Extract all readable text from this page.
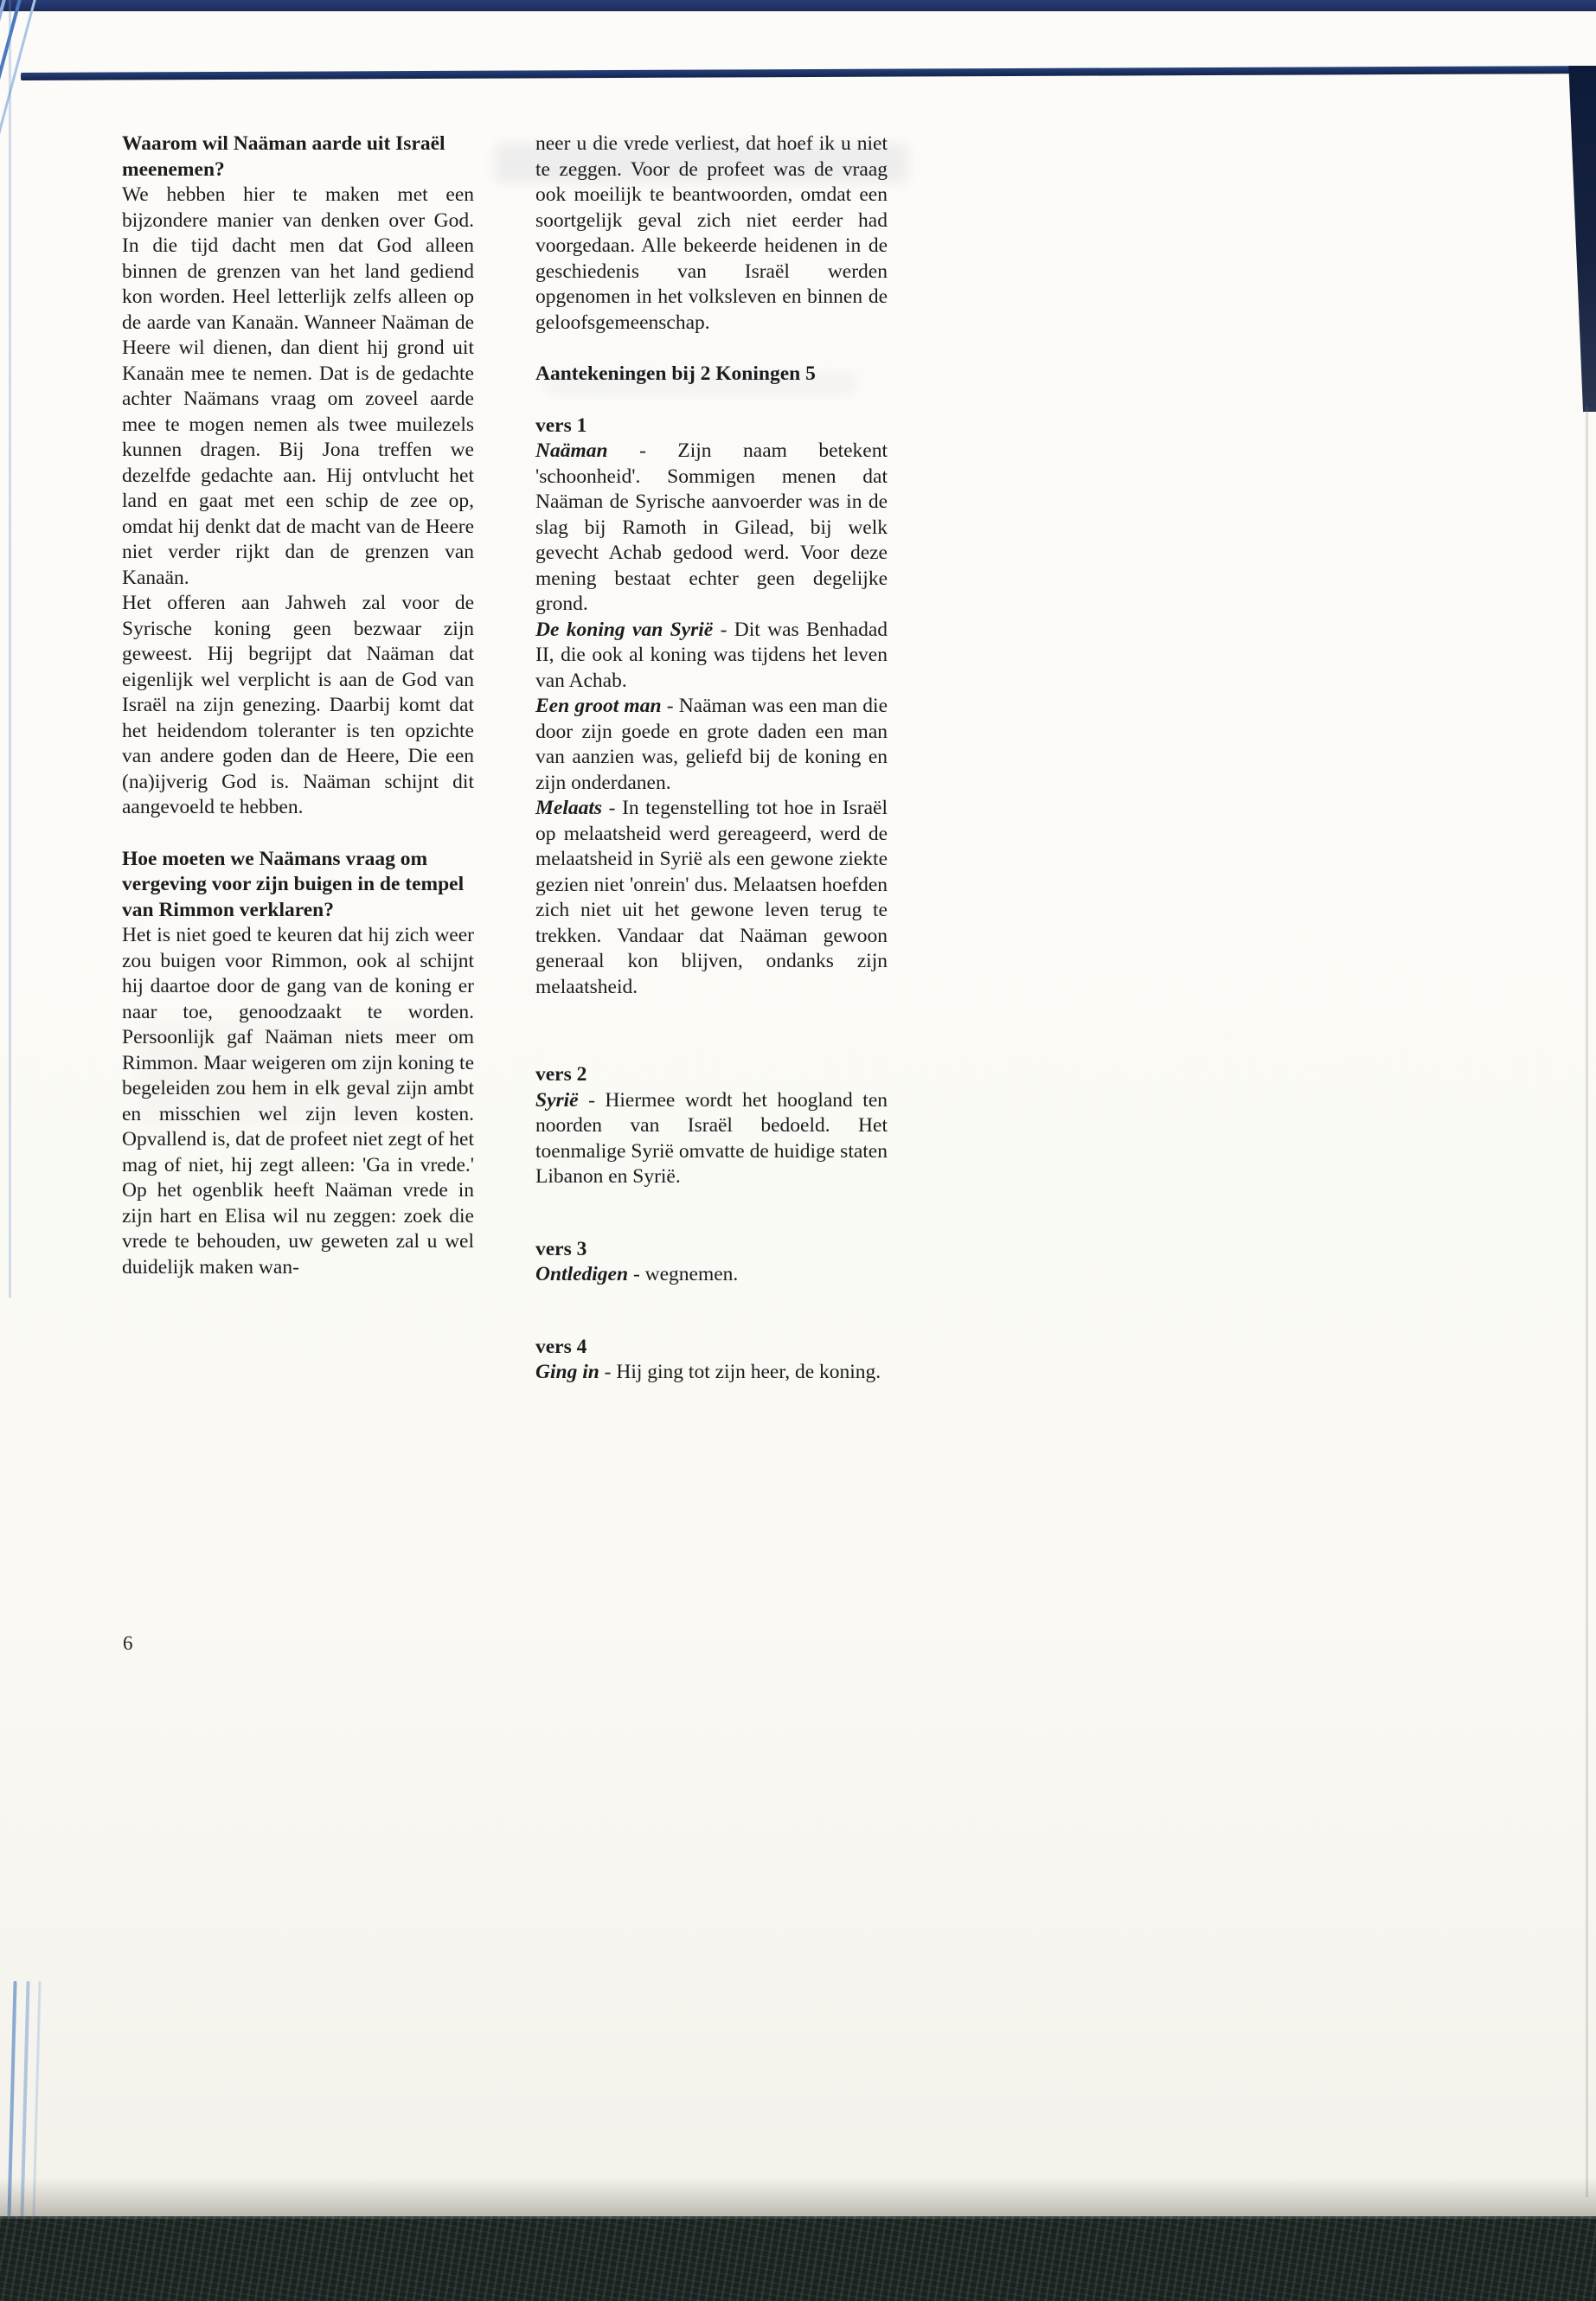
Waarom wil Naäman aarde uit Israël meenemen?

We hebben hier te maken met een bijzondere manier van denken over God. In die tijd dacht men dat God alleen binnen de grenzen van het land gediend kon worden. Heel letterlijk zelfs alleen op de aarde van Kanaän. Wanneer Naäman de Heere wil dienen, dan dient hij grond uit Kanaän mee te nemen. Dat is de gedachte achter Naämans vraag om zoveel aarde mee te mogen nemen als twee muilezels kunnen dragen. Bij Jona treffen we dezelfde gedachte aan. Hij ontvlucht het land en gaat met een schip de zee op, omdat hij denkt dat de macht van de Heere niet verder rijkt dan de grenzen van Kanaän.

Het offeren aan Jahweh zal voor de Syrische koning geen bezwaar zijn geweest. Hij begrijpt dat Naäman dat eigenlijk wel verplicht is aan de God van Israël na zijn genezing. Daarbij komt dat het heidendom toleranter is ten opzichte van andere goden dan de Heere, Die een (na)ijverig God is. Naäman schijnt dit aangevoeld te hebben.

Hoe moeten we Naämans vraag om vergeving voor zijn buigen in de tempel van Rimmon verklaren?

Het is niet goed te keuren dat hij zich weer zou buigen voor Rimmon, ook al schijnt hij daartoe door de gang van de koning er naar toe, genoodzaakt te worden. Persoonlijk gaf Naäman niets meer om Rimmon. Maar weigeren om zijn koning te begeleiden zou hem in elk geval zijn ambt en misschien wel zijn leven kosten. Opvallend is, dat de profeet niet zegt of het mag of niet, hij zegt alleen: 'Ga in vrede.' Op het ogenblik heeft Naäman vrede in zijn hart en Elisa wil nu zeggen: zoek die vrede te behouden, uw geweten zal u wel duidelijk maken wan-

neer u die vrede verliest, dat hoef ik u niet te zeggen. Voor de profeet was de vraag ook moeilijk te beantwoorden, omdat een soortgelijk geval zich niet eerder had voorgedaan. Alle bekeerde heidenen in de geschiedenis van Israël werden opgenomen in het volksleven en binnen de geloofsgemeenschap.

Aantekeningen bij 2 Koningen 5

vers 1

Naäman - Zijn naam betekent 'schoonheid'. Sommigen menen dat Naäman de Syrische aanvoerder was in de slag bij Ramoth in Gilead, bij welk gevecht Achab gedood werd. Voor deze mening bestaat echter geen degelijke grond.

De koning van Syrië - Dit was Benhadad II, die ook al koning was tijdens het leven van Achab.

Een groot man - Naäman was een man die door zijn goede en grote daden een man van aanzien was, geliefd bij de koning en zijn onderdanen.

Melaats - In tegenstelling tot hoe in Israël op melaatsheid werd gereageerd, werd de melaatsheid in Syrië als een gewone ziekte gezien niet 'onrein' dus. Melaatsen hoefden zich niet uit het gewone leven terug te trekken. Vandaar dat Naäman gewoon generaal kon blijven, ondanks zijn melaatsheid.

vers 2

Syrië - Hiermee wordt het hoogland ten noorden van Israël bedoeld. Het toenmalige Syrië omvatte de huidige staten Libanon en Syrië.

vers 3

Ontledigen - wegnemen.

vers 4

Ging in - Hij ging tot zijn heer, de koning.

6
